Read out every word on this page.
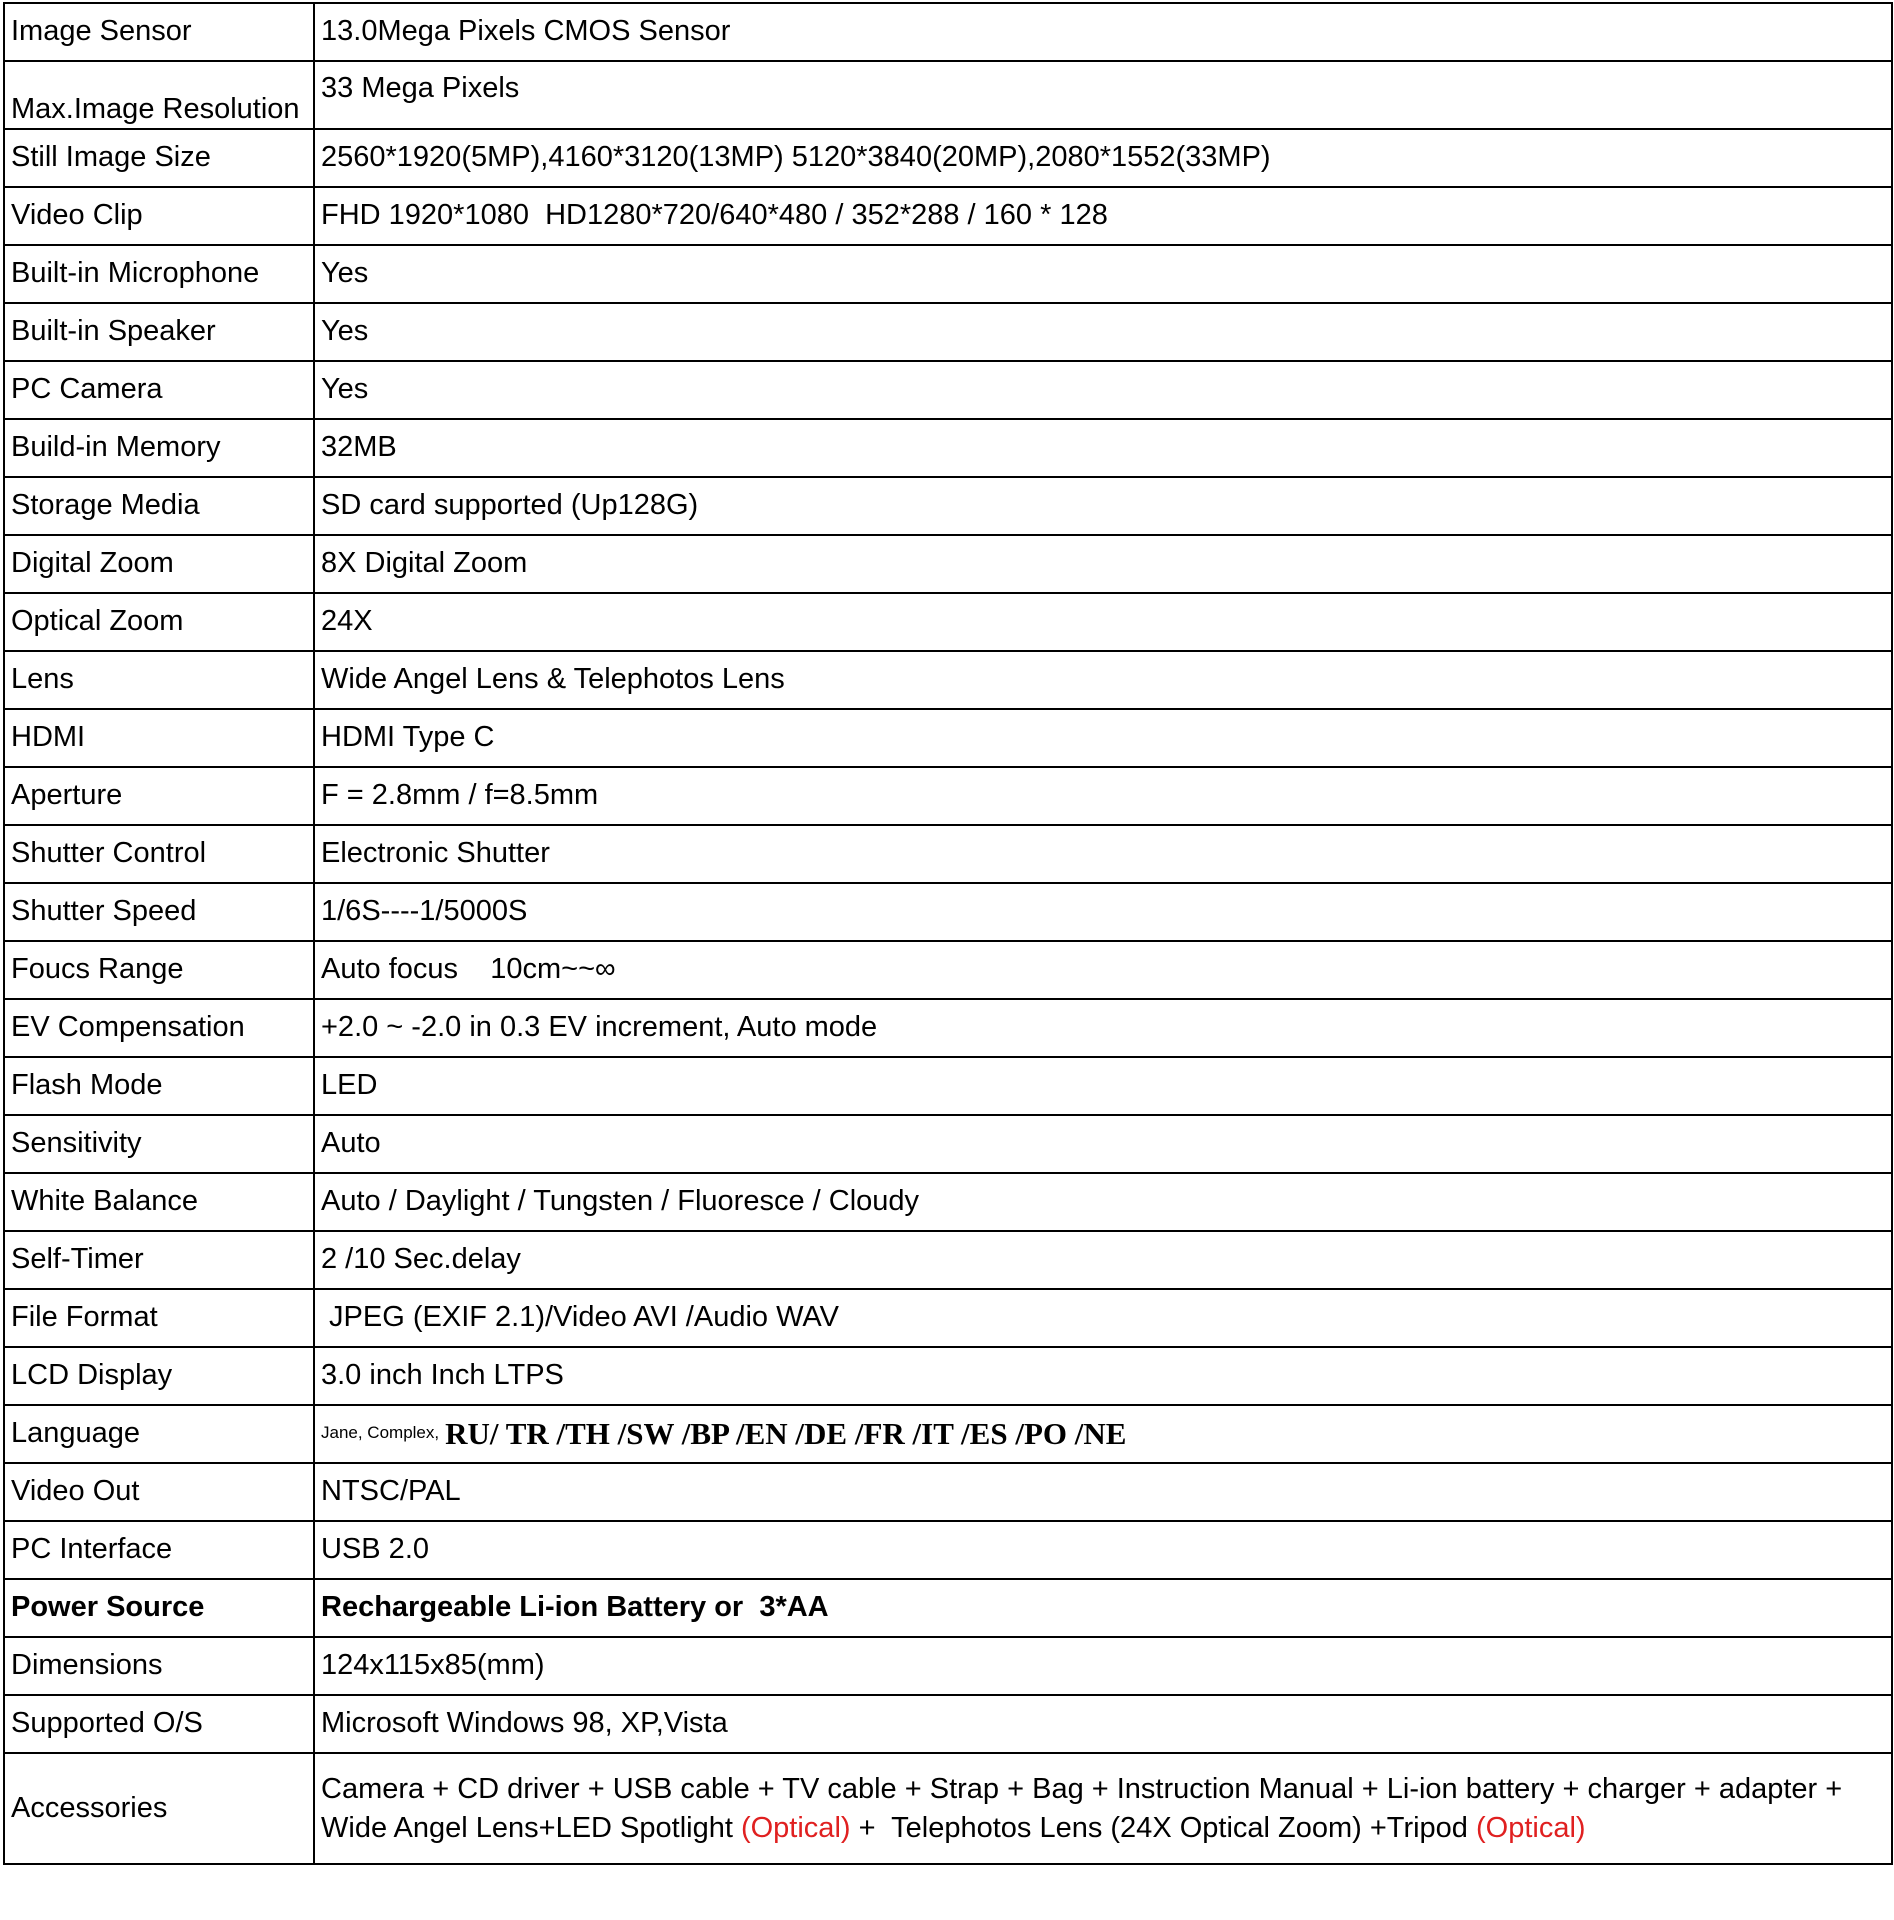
Image Sensor	13.0Mega Pixels CMOS Sensor
Max.Image Resolution	33 Mega Pixels
Still Image Size	2560*1920(5MP),4160*3120(13MP) 5120*3840(20MP),2080*1552(33MP)
Video Clip	FHD 1920*1080  HD1280*720/640*480 / 352*288 / 160 * 128
Built-in Microphone	Yes
Built-in Speaker	Yes
PC Camera	Yes
Build-in Memory	32MB
Storage Media	SD card supported (Up128G)
Digital Zoom	8X Digital Zoom
Optical Zoom	24X
Lens	Wide Angel Lens & Telephotos Lens
HDMI	HDMI Type C
Aperture	F = 2.8mm / f=8.5mm
Shutter Control	Electronic Shutter
Shutter Speed	1/6S----1/5000S
Foucs Range	Auto focus    10cm~~∞
EV Compensation	+2.0 ~ -2.0 in 0.3 EV increment, Auto mode
Flash Mode	LED
Sensitivity	Auto
White Balance	Auto / Daylight / Tungsten / Fluoresce / Cloudy
Self-Timer	2 /10 Sec.delay
File Format	JPEG (EXIF 2.1)/Video AVI /Audio WAV
LCD Display	3.0 inch Inch LTPS
Language	$^{Jane, Complex,}$ RU/ TR /TH /SW /BP /EN /DE /FR /IT /ES /PO /NE
Video Out	NTSC/PAL
PC Interface	USB 2.0
Power Source	Rechargeable Li-ion Battery or  3*AA
Dimensions	124x115x85(mm)
Supported O/S	Microsoft Windows 98, XP,Vista
Accessories	Camera + CD driver + USB cable + TV cable + Strap + Bag + Instruction Manual + Li-ion battery + charger + adapter +
Wide Angel Lens+LED Spotlight (Optical) +  Telephotos Lens (24X Optical Zoom) +Tripod (Optical)
